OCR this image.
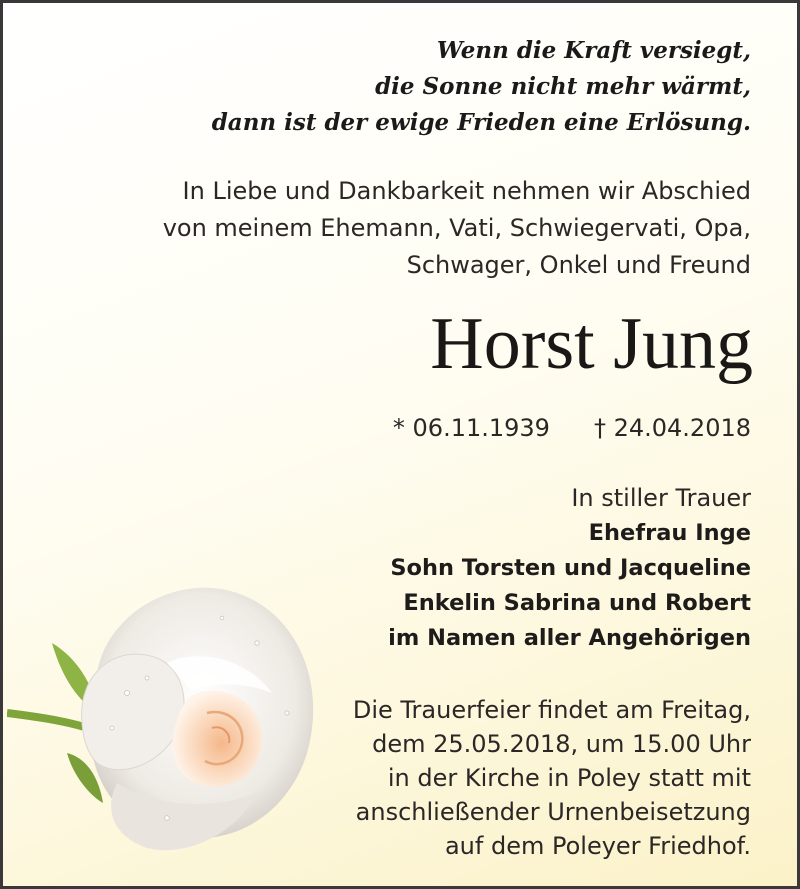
Wenn die Kraft versiegt,
die Sonne nicht mehr wärmt,
dann ist der ewige Frieden eine Erlösung.
In Liebe und Dankbarkeit nehmen wir Abschied
von meinem Ehemann, Vati, Schwiegervati, Opa,
Schwager, Onkel und Freund
Horst Jung
* 06.11.1939 † 24.04.2018
In stiller Trauer
Ehefrau Inge
Sohn Torsten und Jacqueline
Enkelin Sabrina und Robert
im Namen aller Angehörigen
Die Trauerfeier findet am Freitag,
dem 25.05.2018, um 15.00 Uhr
in der Kirche in Poley statt mit
anschließender Urnenbeisetzung
auf dem Poleyer Friedhof.
